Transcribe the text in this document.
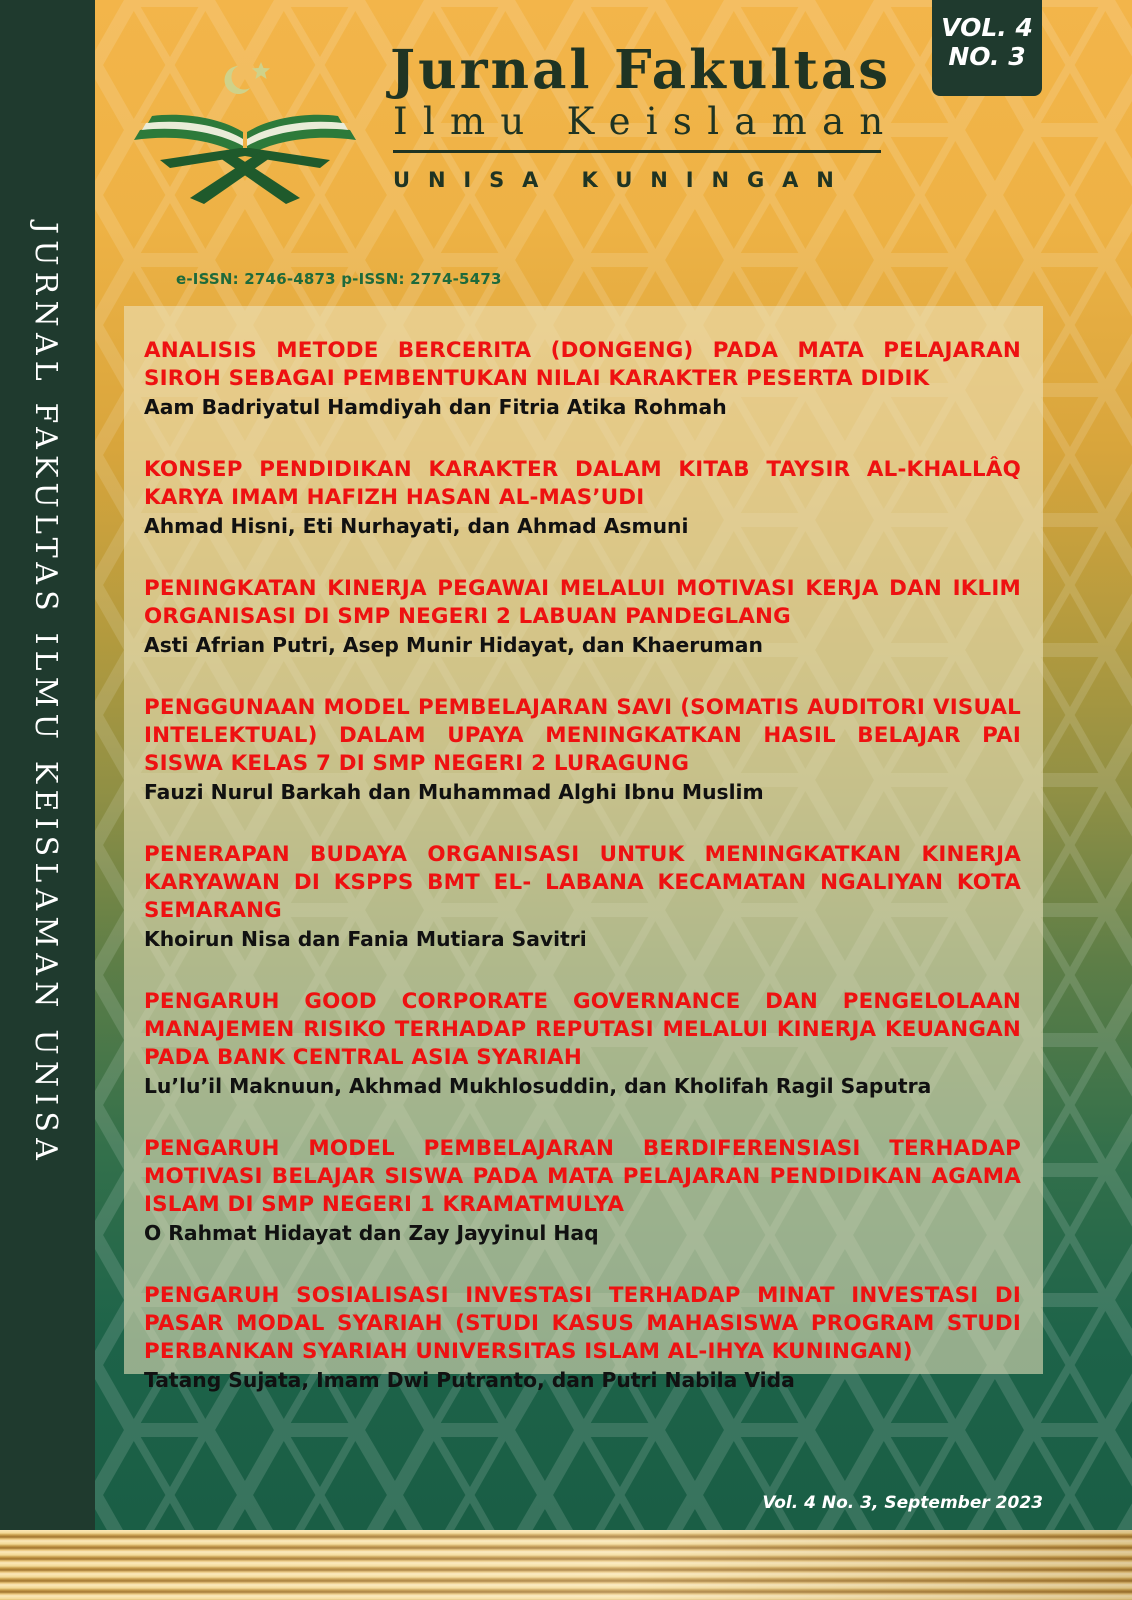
JURNAL FAKULTAS ILMU KEISLAMAN UNISA
Jurnal Fakultas
Ilmu Keislaman
UNISA KUNINGAN
VOL. 4
NO. 3
e-ISSN: 2746-4873 p-ISSN: 2774-5473
ANALISIS METODE BERCERITA (DONGENG) PADA MATA PELAJARAN SIROH SEBAGAI PEMBENTUKAN NILAI KARAKTER PESERTA DIDIK
Aam Badriyatul Hamdiyah dan Fitria Atika Rohmah
KONSEP PENDIDIKAN KARAKTER DALAM KITAB TAYSIR AL-KHALLÂQ KARYA IMAM HAFIZH HASAN AL-MAS’UDI
Ahmad Hisni, Eti Nurhayati, dan Ahmad Asmuni
PENINGKATAN KINERJA PEGAWAI MELALUI MOTIVASI KERJA DAN IKLIM ORGANISASI DI SMP NEGERI 2 LABUAN PANDEGLANG
Asti Afrian Putri, Asep Munir Hidayat, dan Khaeruman
PENGGUNAAN MODEL PEMBELAJARAN SAVI (SOMATIS AUDITORI VISUAL INTELEKTUAL) DALAM UPAYA MENINGKATKAN HASIL BELAJAR PAI SISWA KELAS 7 DI SMP NEGERI 2 LURAGUNG
Fauzi Nurul Barkah dan Muhammad Alghi Ibnu Muslim
PENERAPAN BUDAYA ORGANISASI UNTUK MENINGKATKAN KINERJA KARYAWAN DI KSPPS BMT EL- LABANA KECAMATAN NGALIYAN KOTA SEMARANG
Khoirun Nisa dan Fania Mutiara Savitri
PENGARUH GOOD CORPORATE GOVERNANCE DAN PENGELOLAAN MANAJEMEN RISIKO TERHADAP REPUTASI MELALUI KINERJA KEUANGAN PADA BANK CENTRAL ASIA SYARIAH
Lu’lu’il Maknuun, Akhmad Mukhlosuddin, dan Kholifah Ragil Saputra
PENGARUH MODEL PEMBELAJARAN BERDIFERENSIASI TERHADAP MOTIVASI BELAJAR SISWA PADA MATA PELAJARAN PENDIDIKAN AGAMA ISLAM DI SMP NEGERI 1 KRAMATMULYA
O Rahmat Hidayat dan Zay Jayyinul Haq
PENGARUH SOSIALISASI INVESTASI TERHADAP MINAT INVESTASI DI PASAR MODAL SYARIAH (STUDI KASUS MAHASISWA PROGRAM STUDI PERBANKAN SYARIAH UNIVERSITAS ISLAM AL-IHYA KUNINGAN)
Tatang Sujata, Imam Dwi Putranto, dan Putri Nabila Vida
Vol. 4 No. 3, September 2023
